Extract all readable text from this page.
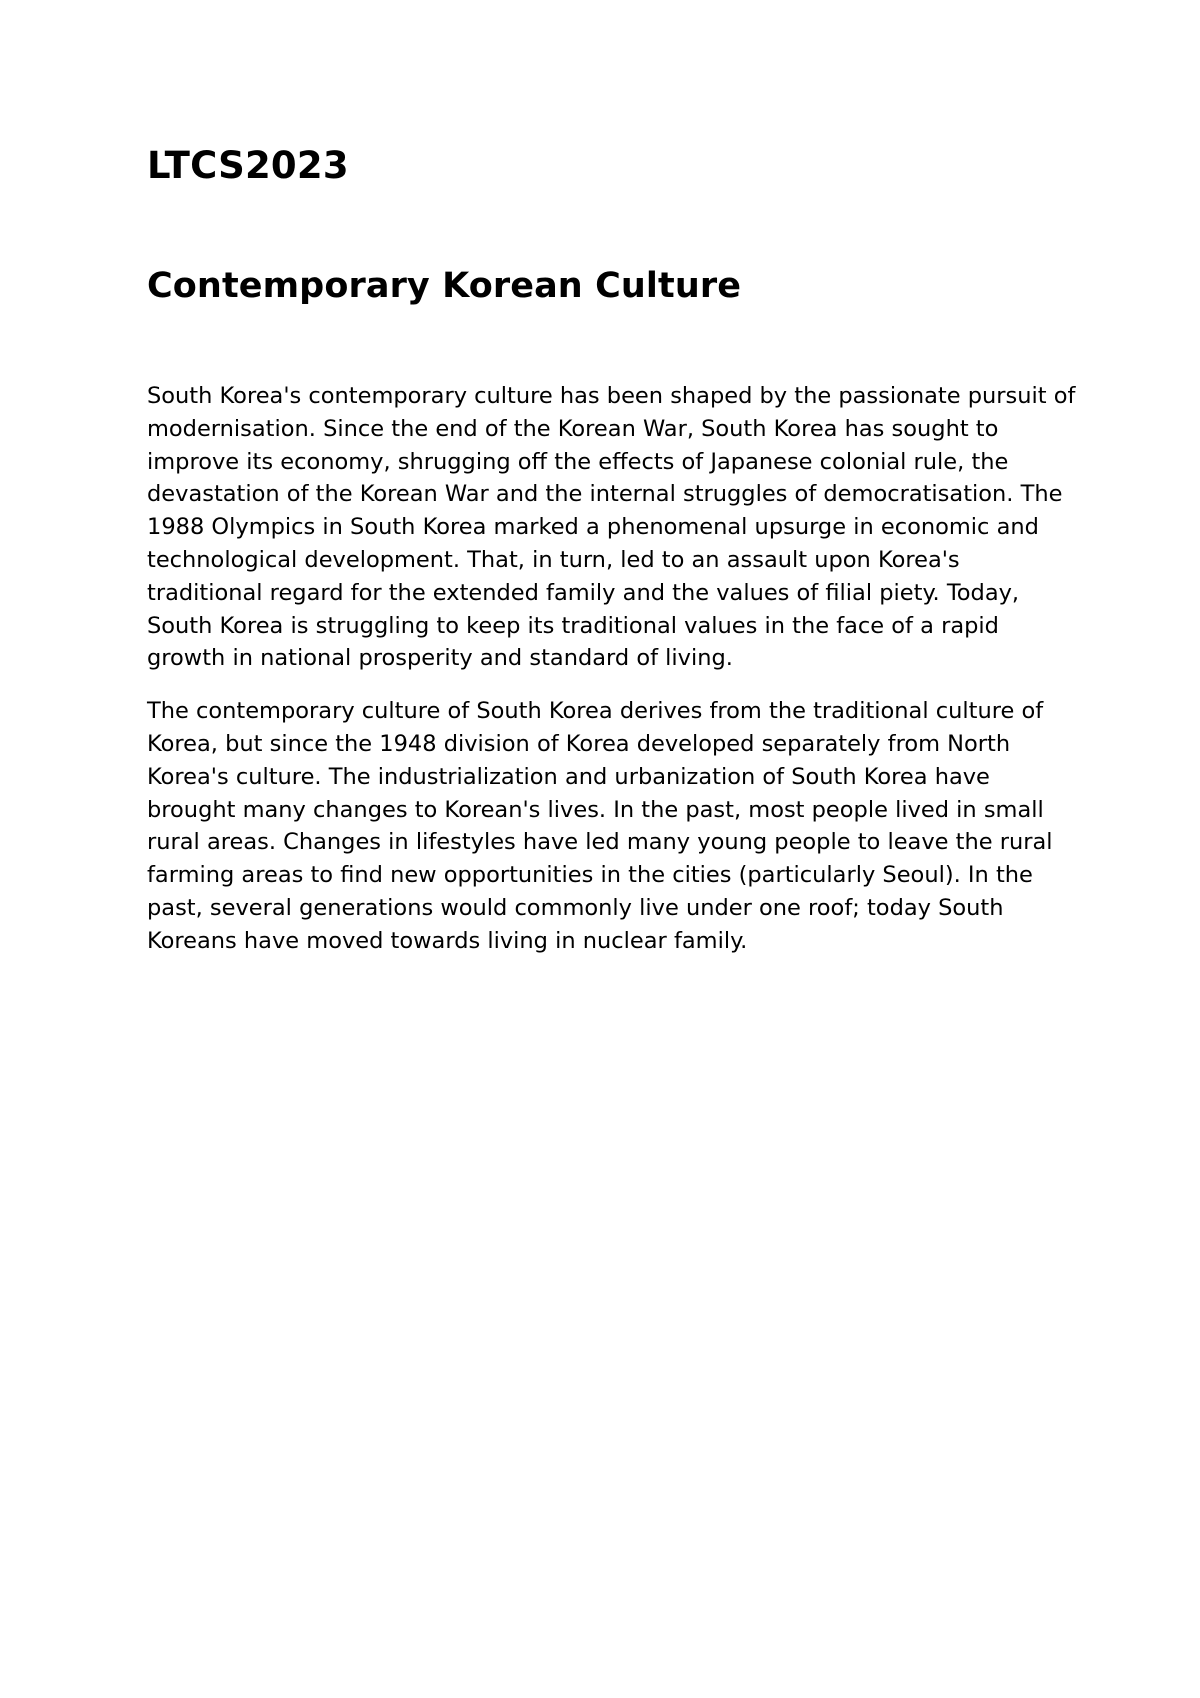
LTCS2023
Contemporary Korean Culture

South Korea's contemporary culture has been shaped by the passionate pursuit of modernisation. Since the end of the Korean War, South Korea has sought to improve its economy, shrugging off the effects of Japanese colonial rule, the devastation of the Korean War and the internal struggles of democratisation. The 1988 Olympics in South Korea marked a phenomenal upsurge in economic and technological development. That, in turn, led to an assault upon Korea's traditional regard for the extended family and the values of filial piety. Today, South Korea is struggling to keep its traditional values in the face of a rapid growth in national prosperity and standard of living.

The contemporary culture of South Korea derives from the traditional culture of Korea, but since the 1948 division of Korea developed separately from North Korea's culture. The industrialization and urbanization of South Korea have brought many changes to Korean's lives. In the past, most people lived in small rural areas. Changes in lifestyles have led many young people to leave the rural farming areas to find new opportunities in the cities (particularly Seoul). In the past, several generations would commonly live under one roof; today South Koreans have moved towards living in nuclear family.
